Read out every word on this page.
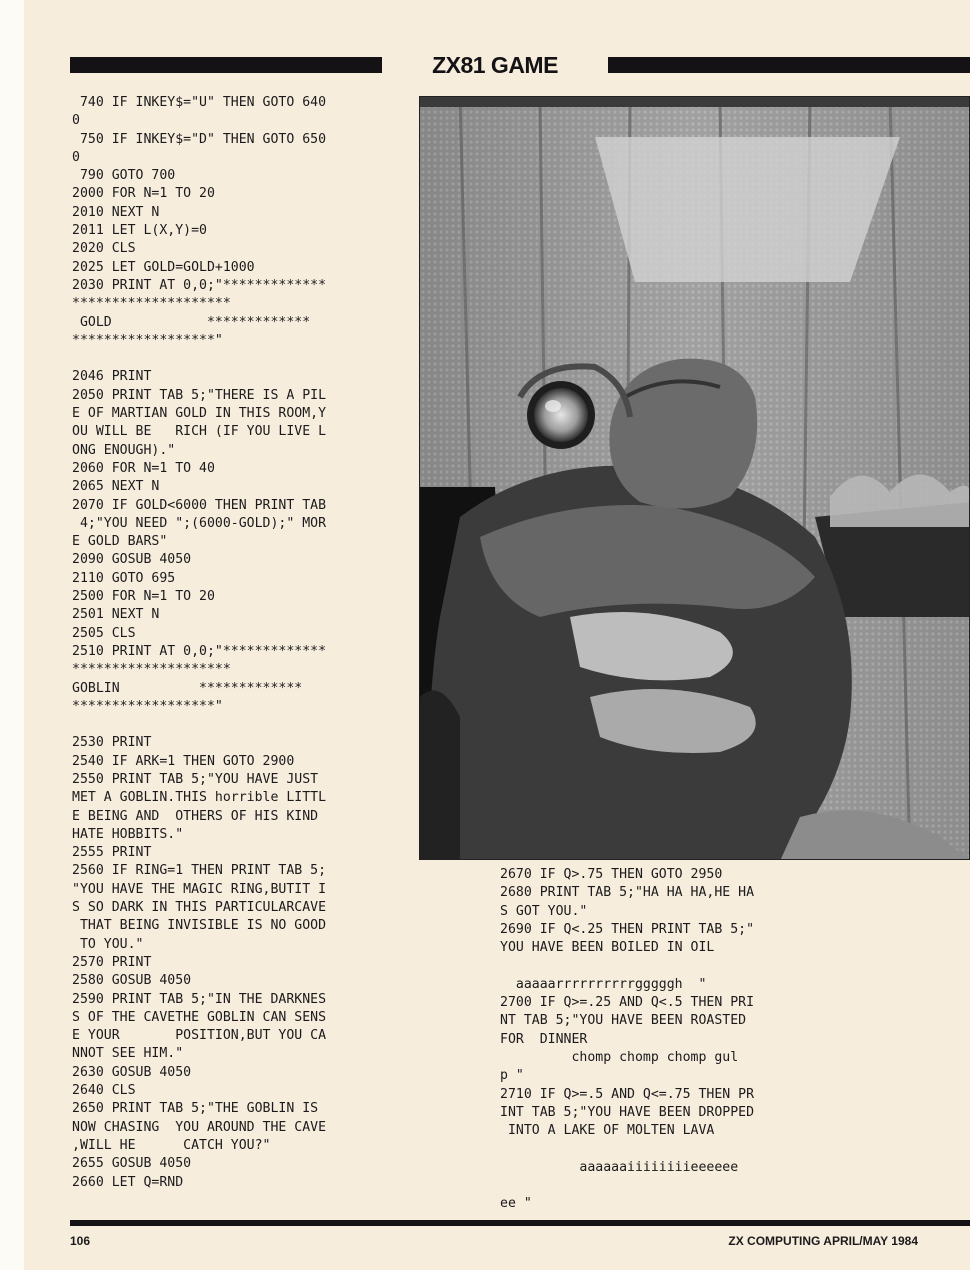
ZX81 GAME
740 IF INKEY$="U" THEN GOTO 640
0
750 IF INKEY$="D" THEN GOTO 650
0
790 GOTO 700
2000 FOR N=1 TO 20
2010 NEXT N
2011 LET L(X,Y)=0
2020 CLS
2025 LET GOLD=GOLD+1000
2030 PRINT AT 0,0;"*************
********************
GOLD            *************
******************"

2046 PRINT
2050 PRINT TAB 5;"THERE IS A PIL
E OF MARTIAN GOLD IN THIS ROOM,Y
OU WILL BE   RICH (IF YOU LIVE L
ONG ENOUGH)."
2060 FOR N=1 TO 40
2065 NEXT N
2070 IF GOLD<6000 THEN PRINT TAB
4;"YOU NEED ";(6000-GOLD);" MOR
E GOLD BARS"
2090 GOSUB 4050
2110 GOTO 695
2500 FOR N=1 TO 20
2501 NEXT N
2505 CLS
2510 PRINT AT 0,0;"*************
********************
GOBLIN          *************
******************"

2530 PRINT
2540 IF ARK=1 THEN GOTO 2900
2550 PRINT TAB 5;"YOU HAVE JUST
MET A GOBLIN.THIS horrible LITTL
E BEING AND  OTHERS OF HIS KIND
HATE HOBBITS."
2555 PRINT
2560 IF RING=1 THEN PRINT TAB 5;
"YOU HAVE THE MAGIC RING,BUTIT I
S SO DARK IN THIS PARTICULARCAVE
THAT BEING INVISIBLE IS NO GOOD
TO YOU."
2570 PRINT
2580 GOSUB 4050
2590 PRINT TAB 5;"IN THE DARKNES
S OF THE CAVETHE GOBLIN CAN SENS
E YOUR       POSITION,BUT YOU CA
NNOT SEE HIM."
2630 GOSUB 4050
2640 CLS
2650 PRINT TAB 5;"THE GOBLIN IS
NOW CHASING  YOU AROUND THE CAVE
,WILL HE      CATCH YOU?"
2655 GOSUB 4050
2660 LET Q=RND

2670 IF Q>.75 THEN GOTO 2950
2680 PRINT TAB 5;"HA HA HA,HE HA
S GOT YOU."
2690 IF Q<.25 THEN PRINT TAB 5;"
YOU HAVE BEEN BOILED IN OIL

aaaaarrrrrrrrrrgggggh  "
2700 IF Q>=.25 AND Q<.5 THEN PRI
NT TAB 5;"YOU HAVE BEEN ROASTED
FOR  DINNER
chomp chomp chomp gul
p "
2710 IF Q>=.5 AND Q<=.75 THEN PR
INT TAB 5;"YOU HAVE BEEN DROPPED
INTO A LAKE OF MOLTEN LAVA

aaaaaaiiiiiiiieeeeee

ee "

106	ZX COMPUTING APRIL/MAY 1984
